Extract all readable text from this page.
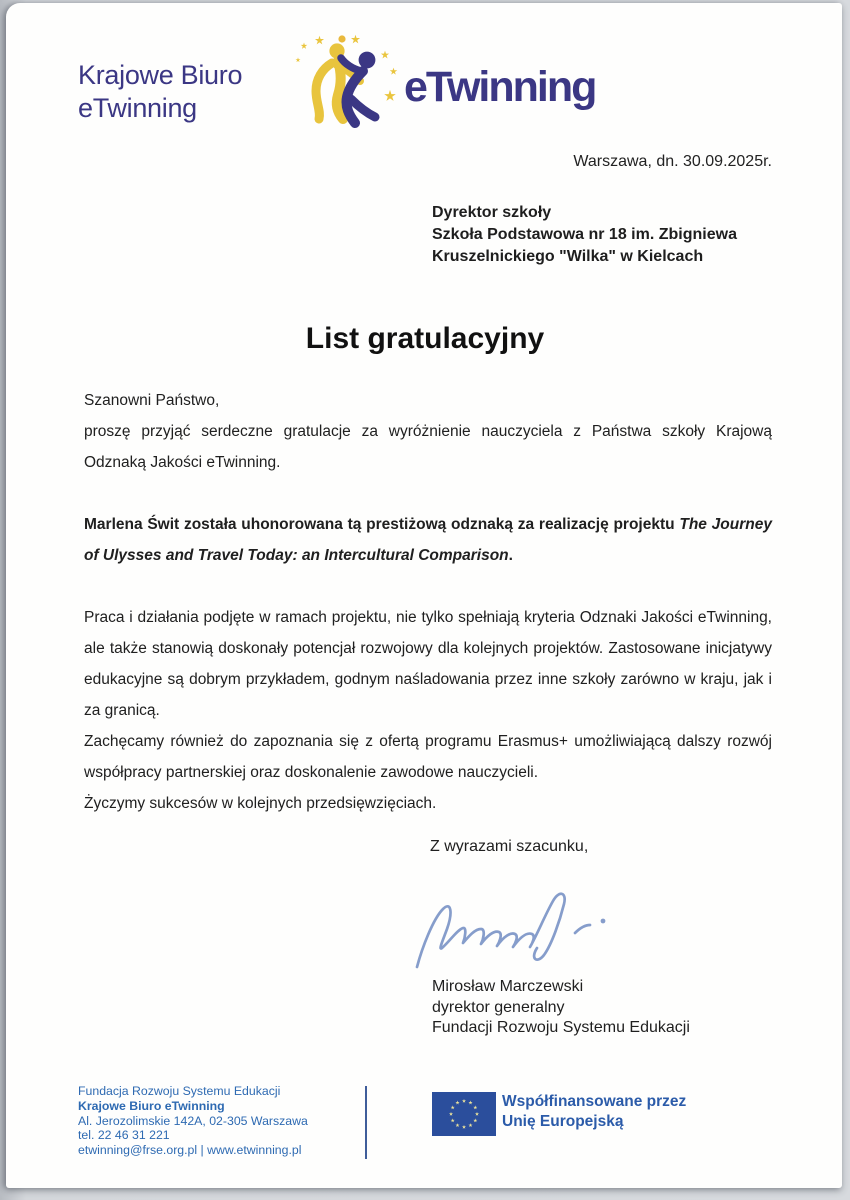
Krajowe Biuro
eTwinning	eTwinning
Warszawa, dn. 30.09.2025r.
Dyrektor szkoły
Szkoła Podstawowa nr 18 im. Zbigniewa
Kruszelnickiego "Wilka" w Kielcach
List gratulacyjny

Szanowni Państwo,

proszę przyjąć serdeczne gratulacje za wyróżnienie nauczyciela z Państwa szkoły Krajową Odznaką Jakości eTwinning.

Marlena Świt została uhonorowana tą prestiżową odznaką za realizację projektu The Journey of Ulysses and Travel Today: an Intercultural Comparison.

Praca i działania podjęte w ramach projektu, nie tylko spełniają kryteria Odznaki Jakości eTwinning, ale także stanowią doskonały potencjał rozwojowy dla kolejnych projektów. Zastosowane inicjatywy edukacyjne są dobrym przykładem, godnym naśladowania przez inne szkoły zarówno w kraju, jak i za granicą.

Zachęcamy również do zapoznania się z ofertą programu Erasmus+ umożliwiającą dalszy rozwój współpracy partnerskiej oraz doskonalenie zawodowe nauczycieli.

Życzymy sukcesów w kolejnych przedsięwzięciach.

Z wyrazami szacunku,
Mirosław Marczewski
dyrektor generalny
Fundacji Rozwoju Systemu Edukacji
Fundacja Rozwoju Systemu Edukacji
Krajowe Biuro eTwinning
Al. Jerozolimskie 142A, 02-305 Warszawa
tel. 22 46 31 221
etwinning@frse.org.pl | www.etwinning.pl
Współfinansowane przez
Unię Europejską
